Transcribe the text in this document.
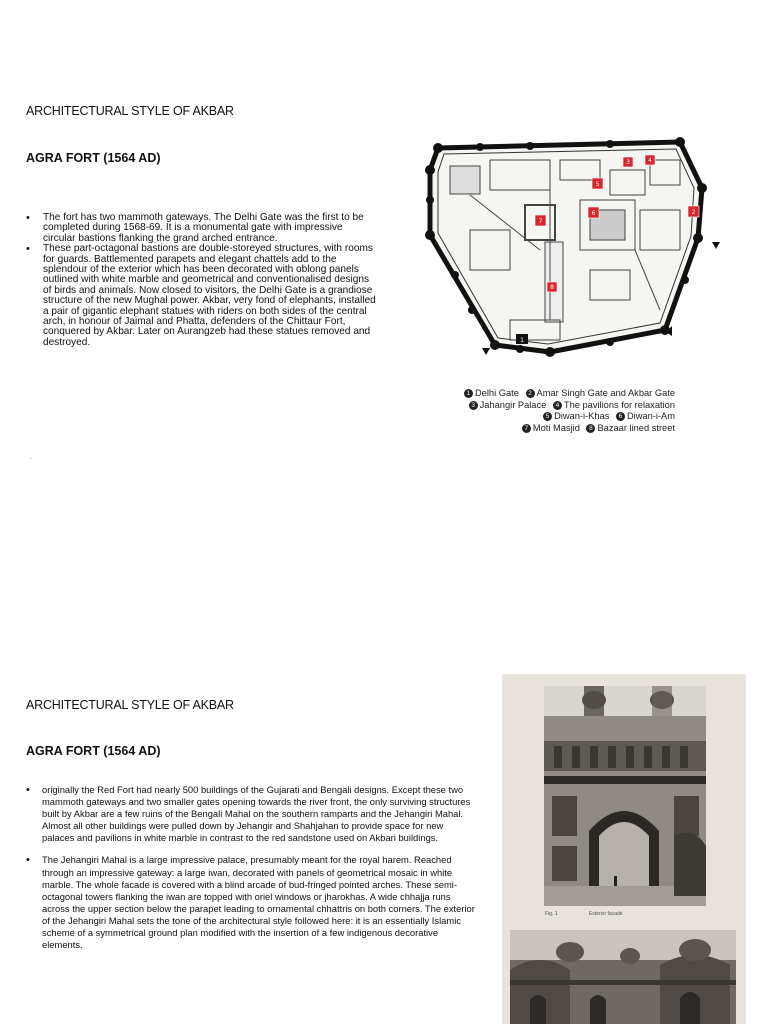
ARCHITECTURAL STYLE OF AKBAR
AGRA FORT (1564 AD)
• The fort has two mammoth gateways. The Delhi Gate was the first to be completed during 1568-69. It is a monumental gate with impressive circular bastions flanking the grand arched entrance.
• These part-octagonal bastions are double-storeyed structures, with rooms for guards. Battlemented parapets and elegant chattels add to the splendour of the exterior which has been decorated with oblong panels outlined with white marble and geometrical and conventionalised designs of birds and animals. Now closed to visitors, the Delhi Gate is a grandiose structure of the new Mughal power. Akbar, very fond of elephants, installed a pair of gigantic elephant statues with riders on both sides of the central arch, in honour of Jaimal and Phatta, defenders of the Chittaur Fort, conquered by Akbar. Later on Aurangzeb had these statues removed and destroyed.
7
2
5
3	4
6
8
1
1 Delhi Gate 2 Amar Singh Gate and Akbar Gate
3 Jahangir Palace 4 The pavilions for relaxation
5 Diwan-i-Khas 6 Diwan-i-Am
7 Moti Masjid 8 Bazaar lined street
.
ARCHITECTURAL STYLE OF AKBAR
AGRA FORT (1564 AD)
• originally the Red Fort had nearly 500 buildings of the Gujarati and Bengali designs. Except these two mammoth gateways and two smaller gates opening towards the river front, the only surviving structures built by Akbar are a few ruins of the Bengali Mahal on the southern ramparts and the Jehangiri Mahal. Almost all other buildings were pulled down by Jehangir and Shahjahan to provide space for new palaces and pavilions in white marble in contrast to the red sandstone used on Akbari buildings.
• The Jehangiri Mahal is a large impressive palace, presumably meant for the royal harem. Reached through an impressive gateway: a large iwan, decorated with panels of geometrical mosaic in white marble. The whole facade is covered with a blind arcade of bud-fringed pointed arches. These semi-octagonal towers flanking the iwan are topped with oriel windows or jharokhas. A wide chhajja runs across the upper section below the parapet leading to ornamental chhattris on both corners. The exterior of the Jehangiri Mahal sets the tone of the architectural style followed here: it is an essentially Islamic scheme of a symmetrical ground plan modified with the insertion of a few indigenous decorative elements.
Fig. 1	Exterior facade
